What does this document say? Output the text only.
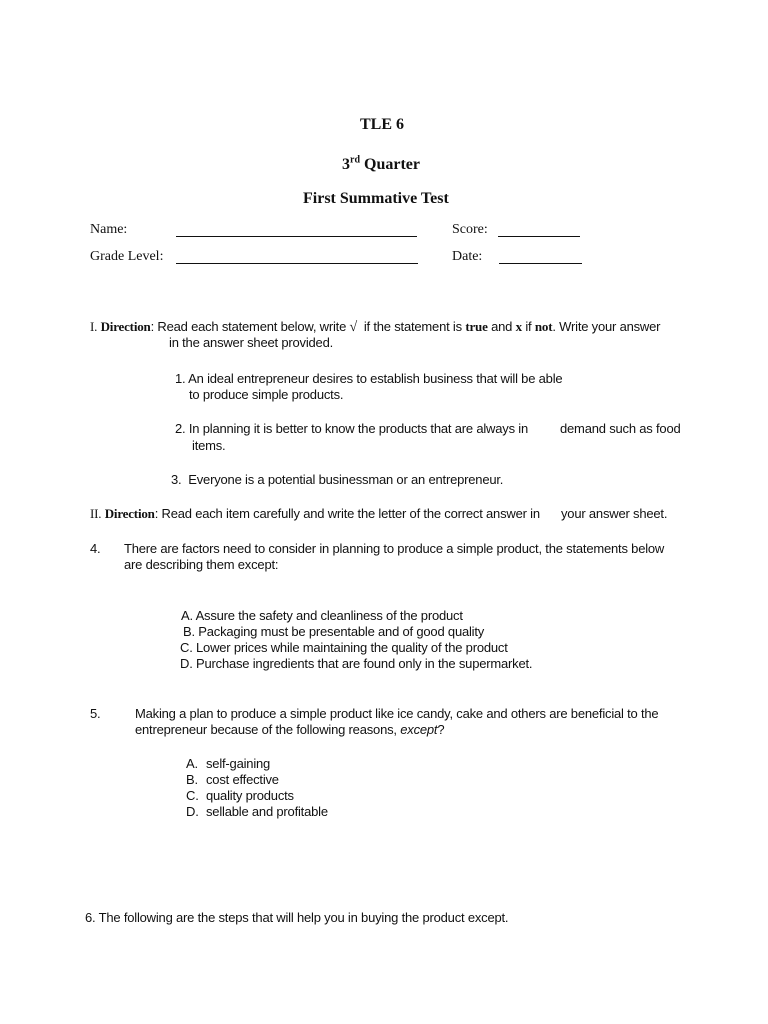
TLE 6
3rd Quarter
First Summative Test
Name:	Score:
Grade Level:	Date:
I. Direction: Read each statement below, write √ if the statement is true and x if not. Write your answer
in the answer sheet provided.
1. An ideal entrepreneur desires to establish business that will be able
to produce simple products.
2. In planning it is better to know the products that are always in demand such as food
items.
3. Everyone is a potential businessman or an entrepreneur.
II. Direction: Read each item carefully and write the letter of the correct answer in your answer sheet.
4. There are factors need to consider in planning to produce a simple product, the statements below
are describing them except:
A. Assure the safety and cleanliness of the product
B. Packaging must be presentable and of good quality
C. Lower prices while maintaining the quality of the product
D. Purchase ingredients that are found only in the supermarket.
5.	Making a plan to produce a simple product like ice candy, cake and others are beneficial to the
entrepreneur because of the following reasons, except?
A. self-gaining
B. cost effective
C. quality products
D. sellable and profitable
6. The following are the steps that will help you in buying the product except.
